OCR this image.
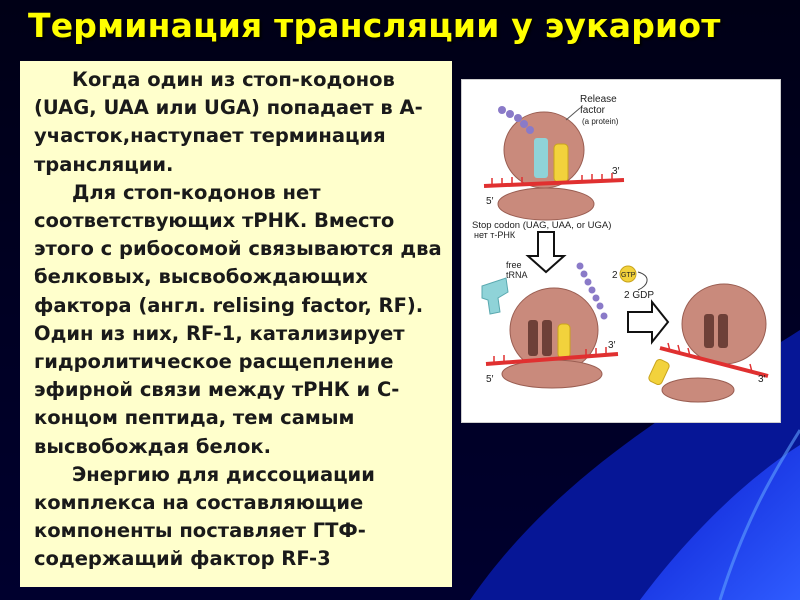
Терминация трансляции у эукариот

Когда один из стоп-кодонов (UAG, UAA или UGA) попадает в А-участок,наступает терминация трансляции.

Для стоп-кодонов нет соответствующих тРНК. Вместо этого с рибосомой связываются два белковых, высвобождающих фактора (англ. relising factor, RF). Один из них, RF-1, катализирует гидролитическое расщепление эфирной связи между тРНК и С-концом пептида, тем самым высвобождая белок.

Энергию для диссоциации комплекса на составляющие компоненты поставляет ГТФ-содержащий фактор RF-3

Release
factor
(a protein)
5′
3′
Stop codon (UAG, UAA, or UGA)
нет т-РНК
free
tRNA
5′
3′
2 GTP
2 GDP
3′
